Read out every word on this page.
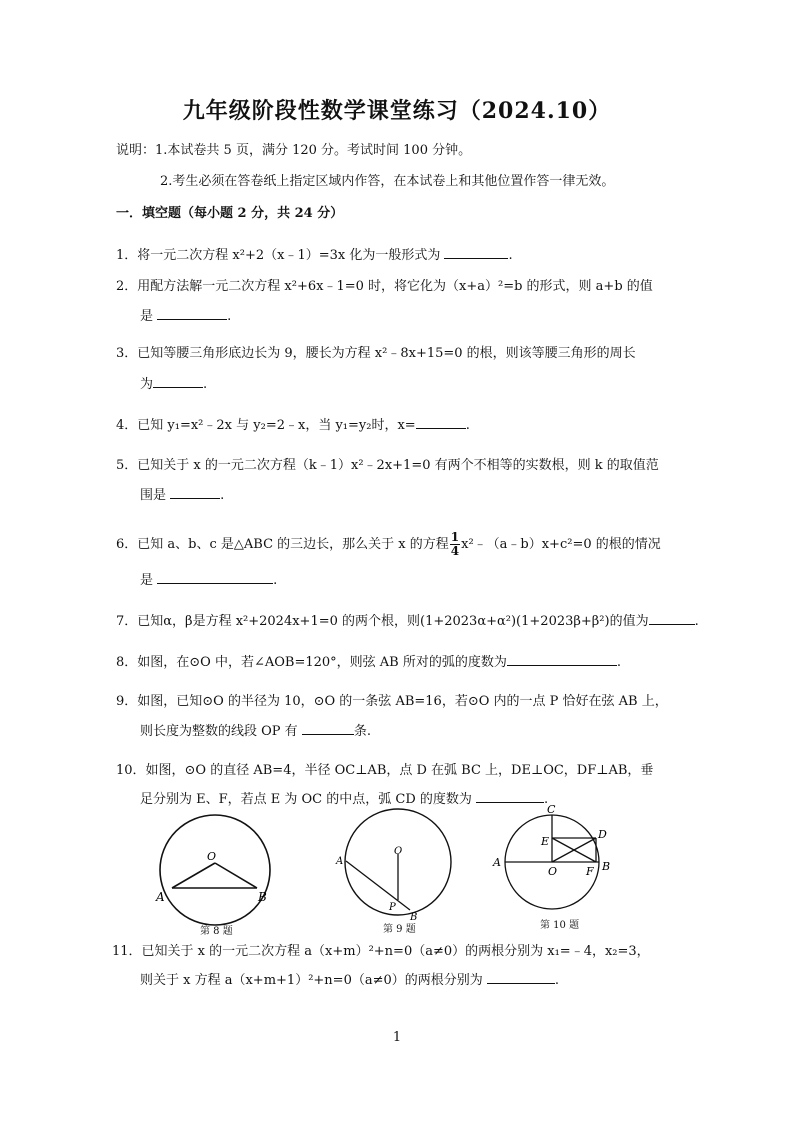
九年级阶段性数学课堂练习（2024.10）
说明：1.本试卷共 5 页，满分 120 分。考试时间 100 分钟。
2.考生必须在答卷纸上指定区域内作答，在本试卷上和其他位置作答一律无效。
一．填空题（每小题 2 分，共 24 分）
1．将一元二次方程 x²+2（x﹣1）=3x 化为一般形式为	.
2．用配方法解一元二次方程 x²+6x﹣1=0 时，将它化为（x+a）²=b 的形式，则 a+b 的值
是	.
3．已知等腰三角形底边长为 9，腰长为方程 x²﹣8x+15=0 的根，则该等腰三角形的周长
为	.
4．已知 y₁=x²﹣2x 与 y₂=2﹣x，当 y₁=y₂时，x=	.
5．已知关于 x 的一元二次方程（k﹣1）x²﹣2x+1=0 有两个不相等的实数根，则 k 的取值范
围是	.
6．已知 a、b、c 是△ABC 的三边长，那么关于 x 的方程 $\frac{1}{4}$ x²﹣（a﹣b）x+c²=0 的根的情况
是	.
7．已知α，β是方程 x²+2024x+1=0 的两个根，则(1+2023α+α²)(1+2023β+β²)的值为	.
8．如图，在⊙O 中，若∠AOB=120°，则弦 AB 所对的弧的度数为	.
9．如图，已知⊙O 的半径为 10，⊙O 的一条弦 AB=16，若⊙O 内的一点 P 恰好在弦 AB 上，
则长度为整数的线段 OP 有	条.
10．如图，⊙O 的直径 AB=4，半径 OC⊥AB，点 D 在弧 BC 上，DE⊥OC，DF⊥AB，垂
足分别为 E、F，若点 E 为 OC 的中点，弧 CD 的度数为	.
O
A	B
第 8 题
O
A
P
B
第 9 题
C
D
E
A	B
O	F
第 10 题
11．已知关于 x 的一元二次方程 a（x+m）²+n=0（a≠0）的两根分别为 x₁=﹣4，x₂=3，
则关于 x 方程 a（x+m+1）²+n=0（a≠0）的两根分别为	.
1
